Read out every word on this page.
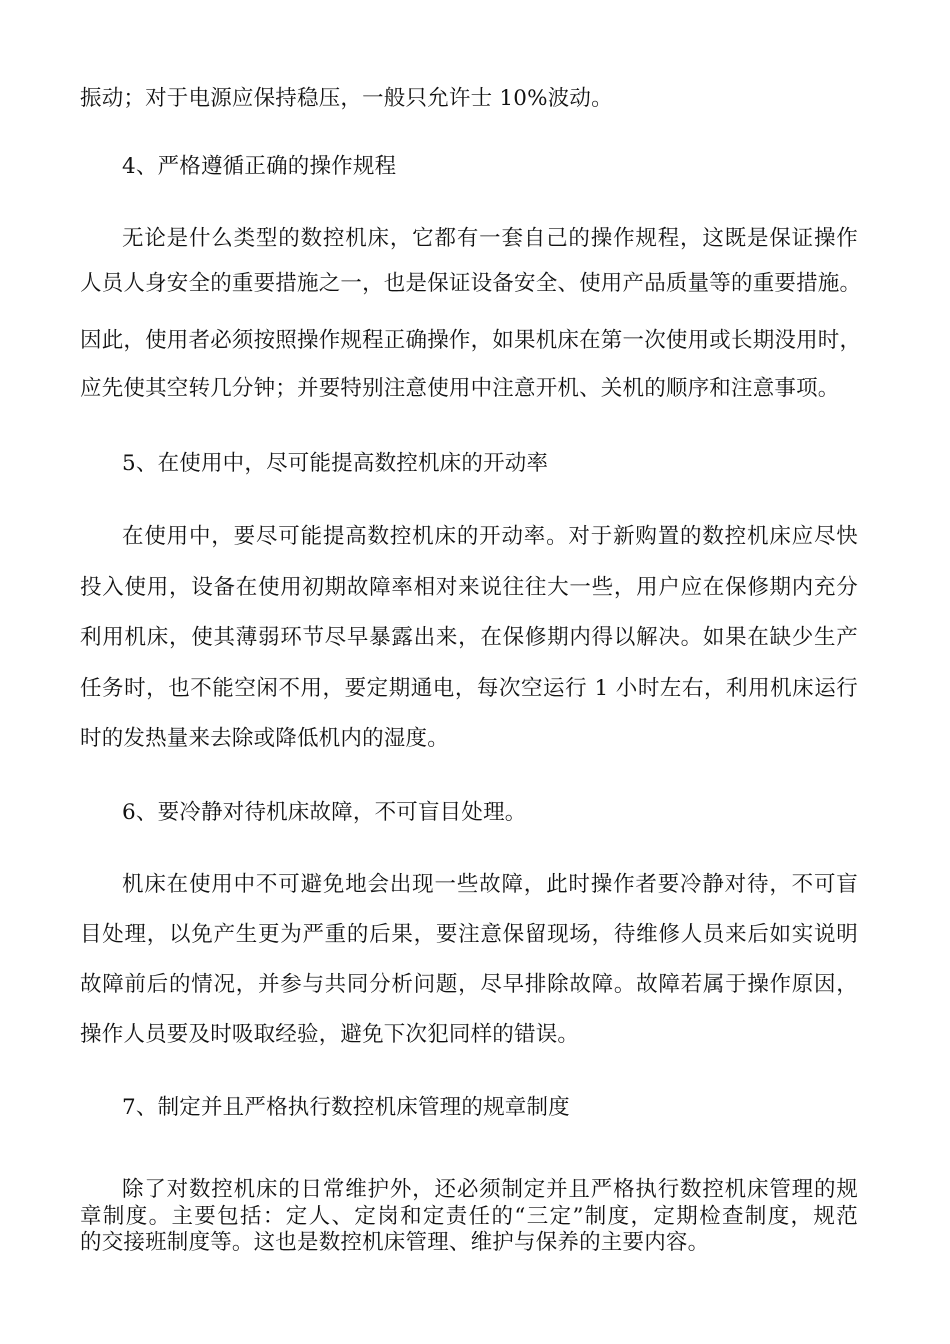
振动；对于电源应保持稳压，一般只允许士 10%波动。
4、严格遵循正确的操作规程
无论是什么类型的数控机床，它都有一套自己的操作规程，这既是保证操作
人员人身安全的重要措施之一，也是保证设备安全、使用产品质量等的重要措施。
因此，使用者必须按照操作规程正确操作，如果机床在第一次使用或长期没用时，
应先使其空转几分钟；并要特别注意使用中注意开机、关机的顺序和注意事项。
5、在使用中，尽可能提高数控机床的开动率
在使用中，要尽可能提高数控机床的开动率。对于新购置的数控机床应尽快
投入使用，设备在使用初期故障率相对来说往往大一些，用户应在保修期内充分
利用机床，使其薄弱环节尽早暴露出来，在保修期内得以解决。如果在缺少生产
任务时，也不能空闲不用，要定期通电，每次空运行 1 小时左右，利用机床运行
时的发热量来去除或降低机内的湿度。
6、要冷静对待机床故障，不可盲目处理。
机床在使用中不可避免地会出现一些故障，此时操作者要冷静对待，不可盲
目处理，以免产生更为严重的后果，要注意保留现场，待维修人员来后如实说明
故障前后的情况，并参与共同分析问题，尽早排除故障。故障若属于操作原因，
操作人员要及时吸取经验，避免下次犯同样的错误。
7、制定并且严格执行数控机床管理的规章制度
除了对数控机床的日常维护外，还必须制定并且严格执行数控机床管理的规
章制度。主要包括：定人、定岗和定责任的“三定”制度，定期检查制度，规范
的交接班制度等。这也是数控机床管理、维护与保养的主要内容。
